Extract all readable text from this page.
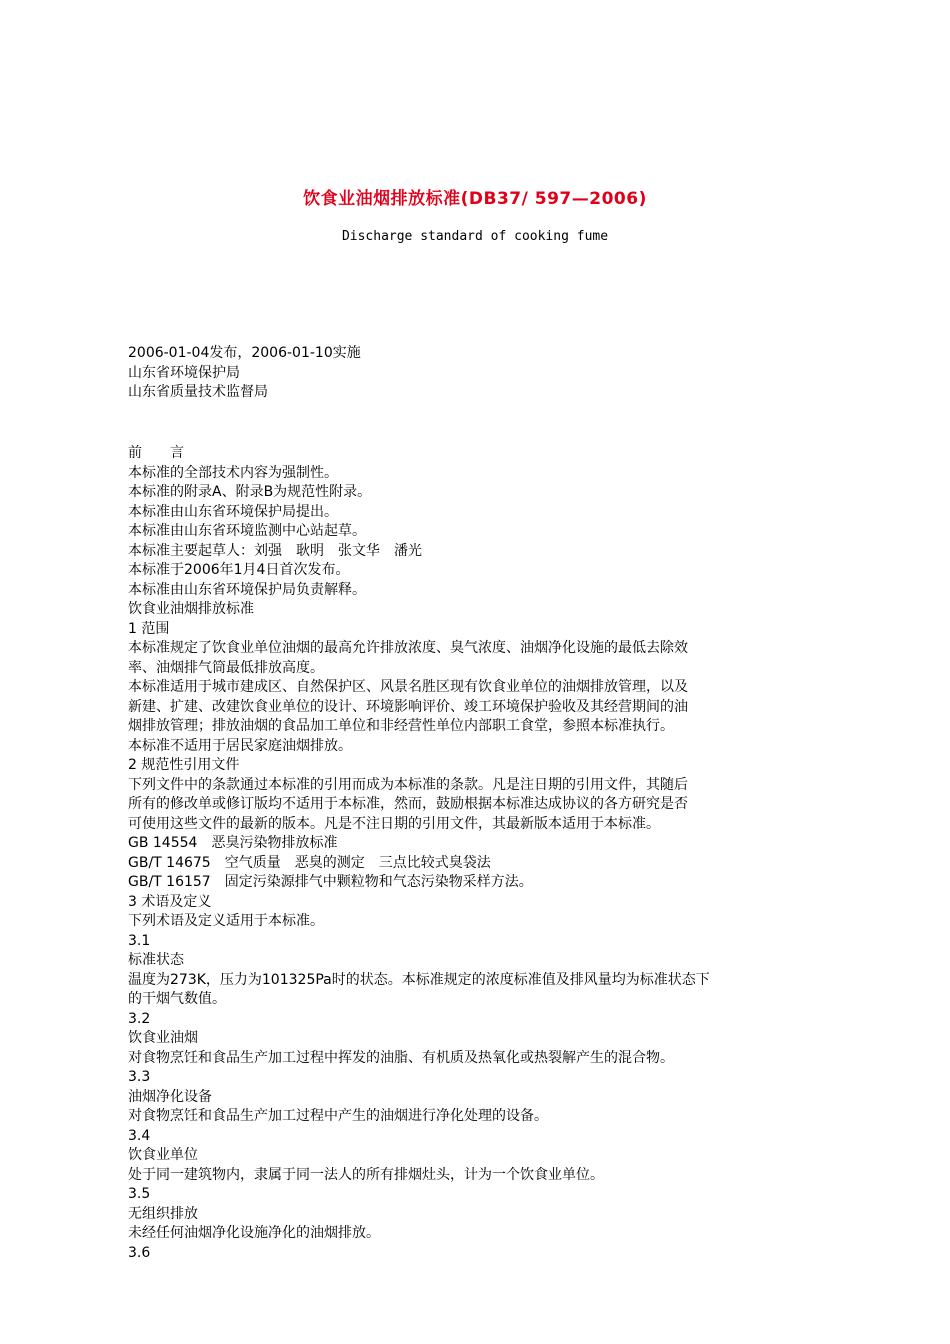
饮食业油烟排放标准(DB37/ 597—2006)
Discharge standard of cooking fume
2006-01-04发布，2006-01-10实施
山东省环境保护局
山东省质量技术监督局
前　　言
本标准的全部技术内容为强制性。
本标准的附录A、附录B为规范性附录。
本标准由山东省环境保护局提出。
本标准由山东省环境监测中心站起草。
本标准主要起草人：刘强　耿明　张文华　潘光
本标准于2006年1月4日首次发布。
本标准由山东省环境保护局负责解释。
饮食业油烟排放标准
1 范围
本标准规定了饮食业单位油烟的最高允许排放浓度、臭气浓度、油烟净化设施的最低去除效
率、油烟排气筒最低排放高度。
本标准适用于城市建成区、自然保护区、风景名胜区现有饮食业单位的油烟排放管理，以及
新建、扩建、改建饮食业单位的设计、环境影响评价、竣工环境保护验收及其经营期间的油
烟排放管理；排放油烟的食品加工单位和非经营性单位内部职工食堂，参照本标准执行。
本标准不适用于居民家庭油烟排放。
2 规范性引用文件
下列文件中的条款通过本标准的引用而成为本标准的条款。凡是注日期的引用文件，其随后
所有的修改单或修订版均不适用于本标准，然而，鼓励根据本标准达成协议的各方研究是否
可使用这些文件的最新的版本。凡是不注日期的引用文件，其最新版本适用于本标准。
GB 14554　恶臭污染物排放标准
GB/T 14675　空气质量　恶臭的测定　三点比较式臭袋法
GB/T 16157　固定污染源排气中颗粒物和气态污染物采样方法。
3 术语及定义
下列术语及定义适用于本标准。
3.1
标准状态
温度为273K，压力为101325Pa时的状态。本标准规定的浓度标准值及排风量均为标准状态下
的干烟气数值。
3.2
饮食业油烟
对食物烹饪和食品生产加工过程中挥发的油脂、有机质及热氧化或热裂解产生的混合物。
3.3
油烟净化设备
对食物烹饪和食品生产加工过程中产生的油烟进行净化处理的设备。
3.4
饮食业单位
处于同一建筑物内，隶属于同一法人的所有排烟灶头，计为一个饮食业单位。
3.5
无组织排放
未经任何油烟净化设施净化的油烟排放。
3.6
